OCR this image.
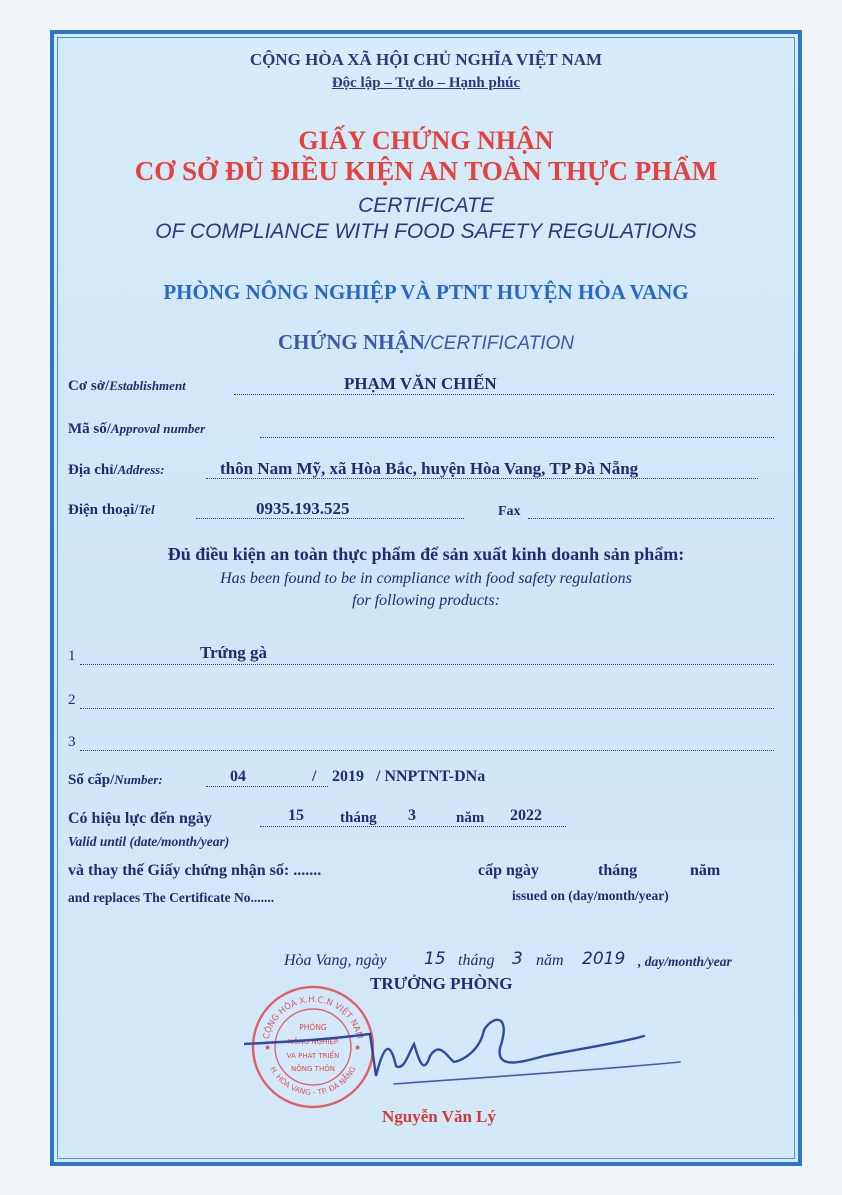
CỘNG HÒA XÃ HỘI CHỦ NGHĨA VIỆT NAM
Độc lập – Tự do – Hạnh phúc
GIẤY CHỨNG NHẬN
CƠ SỞ ĐỦ ĐIỀU KIỆN AN TOÀN THỰC PHẨM
CERTIFICATE
OF COMPLIANCE WITH FOOD SAFETY REGULATIONS
PHÒNG NÔNG NGHIỆP VÀ PTNT HUYỆN HÒA VANG
CHỨNG NHẬN/CERTIFICATION
Cơ sở/Establishment	PHẠM VĂN CHIẾN
Mã số/Approval number
Địa chỉ/Address:	thôn Nam Mỹ, xã Hòa Bắc, huyện Hòa Vang, TP Đà Nẵng
Điện thoại/Tel	0935.193.525	Fax
Đủ điều kiện an toàn thực phẩm để sản xuất kinh doanh sản phẩm:
Has been found to be in compliance with food safety regulations
for following products:
1	Trứng gà
2
3
Số cấp/Number:	04	/ 2019 / NNPTNT-DNa
Có hiệu lực đến ngày	15 tháng 3	năm 2022
Valid until (date/month/year)
và thay thế Giấy chứng nhận số: .......
and replaces The Certificate No.......
cấp ngày	tháng	năm
issued on (day/month/year)
Hòa Vang, ngày 15 tháng 3 năm 2019 , day/month/year
TRƯỞNG PHÒNG
CỘNG HÒA X.H.C.N VIỆT NAM
H. HÒA VANG - TP. ĐÀ NẴNG
PHÒNG
NÔNG NGHIỆP
VÀ PHÁT TRIỂN
NÔNG THÔN
★	★
Nguyễn Văn Lý
